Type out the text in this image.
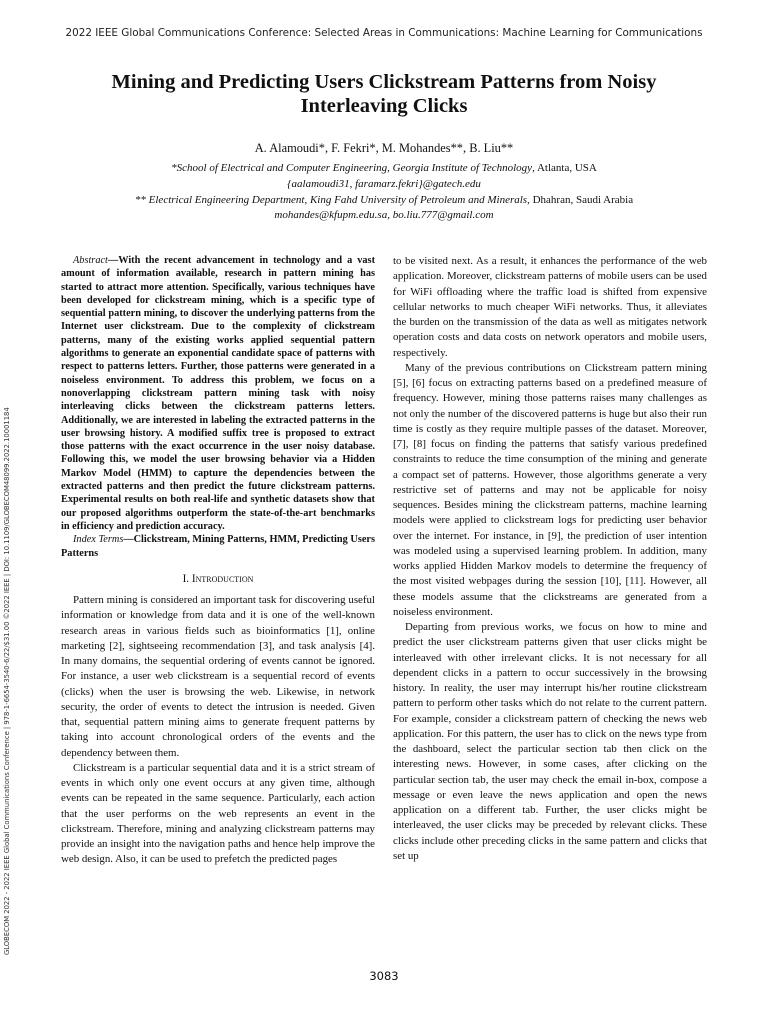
2022 IEEE Global Communications Conference: Selected Areas in Communications: Machine Learning for Communications
Mining and Predicting Users Clickstream Patterns from Noisy Interleaving Clicks
A. Alamoudi*, F. Fekri*, M. Mohandes**, B. Liu**
*School of Electrical and Computer Engineering, Georgia Institute of Technology, Atlanta, USA
{aalamoudi31, faramarz.fekri}@gatech.edu
** Electrical Engineering Department, King Fahd University of Petroleum and Minerals, Dhahran, Saudi Arabia
mohandes@kfupm.edu.sa, bo.liu.777@gmail.com
GLOBECOM 2022 - 2022 IEEE Global Communications Conference | 978-1-6654-3540-6/22/$31.00 ©2022 IEEE | DOI: 10.1109/GLOBECOM48099.2022.10001184

Abstract—With the recent advancement in technology and a vast amount of information available, research in pattern mining has started to attract more attention. Specifically, various techniques have been developed for clickstream mining, which is a specific type of sequential pattern mining, to discover the underlying patterns from the Internet user clickstream. Due to the complexity of clickstream patterns, many of the existing works applied sequential pattern algorithms to generate an exponential candidate space of patterns with respect to patterns letters. Further, those patterns were generated in a noiseless environment. To address this problem, we focus on a nonoverlapping clickstream pattern mining task with noisy interleaving clicks between the clickstream patterns letters. Additionally, we are interested in labeling the extracted patterns in the user browsing history. A modified suffix tree is proposed to extract those patterns with the exact occurrence in the user noisy database. Following this, we model the user browsing behavior via a Hidden Markov Model (HMM) to capture the dependencies between the extracted patterns and then predict the future clickstream patterns. Experimental results on both real-life and synthetic datasets show that our proposed algorithms outperform the state-of-the-art benchmarks in efficiency and prediction accuracy.

Index Terms—Clickstream, Mining Patterns, HMM, Predicting Users Patterns

I. Introduction

Pattern mining is considered an important task for discovering useful information or knowledge from data and it is one of the well-known research areas in various fields such as bioinformatics [1], online marketing [2], sightseeing recommendation [3], and task analysis [4]. In many domains, the sequential ordering of events cannot be ignored. For instance, a user web clickstream is a sequential record of events (clicks) when the user is browsing the web. Likewise, in network security, the order of events to detect the intrusion is needed. Given that, sequential pattern mining aims to generate frequent patterns by taking into account chronological orders of the events and the dependency between them.

Clickstream is a particular sequential data and it is a strict stream of events in which only one event occurs at any given time, although events can be repeated in the same sequence. Particularly, each action that the user performs on the web represents an event in the clickstream. Therefore, mining and analyzing clickstream patterns may provide an insight into the navigation paths and hence help improve the web design. Also, it can be used to prefetch the predicted pages

to be visited next. As a result, it enhances the performance of the web application. Moreover, clickstream patterns of mobile users can be used for WiFi offloading where the traffic load is shifted from expensive cellular networks to much cheaper WiFi networks. Thus, it alleviates the burden on the transmission of the data as well as mitigates network operation costs and data costs on network operators and mobile users, respectively.

Many of the previous contributions on Clickstream pattern mining [5], [6] focus on extracting patterns based on a predefined measure of frequency. However, mining those patterns raises many challenges as not only the number of the discovered patterns is huge but also their run time is costly as they require multiple passes of the dataset. Moreover, [7], [8] focus on finding the patterns that satisfy various predefined constraints to reduce the time consumption of the mining and generate a compact set of patterns. However, those algorithms generate a very restrictive set of patterns and may not be applicable for noisy sequences. Besides mining the clickstream patterns, machine learning models were applied to clickstream logs for predicting user behavior over the internet. For instance, in [9], the prediction of user intention was modeled using a supervised learning problem. In addition, many works applied Hidden Markov models to determine the frequency of the most visited webpages during the session [10], [11]. However, all these models assume that the clickstreams are generated from a noiseless environment.

Departing from previous works, we focus on how to mine and predict the user clickstream patterns given that user clicks might be interleaved with other irrelevant clicks. It is not necessary for all dependent clicks in a pattern to occur successively in the browsing history. In reality, the user may interrupt his/her routine clickstream pattern to perform other tasks which do not relate to the current pattern. For example, consider a clickstream pattern of checking the news web application. For this pattern, the user has to click on the news type from the dashboard, select the particular section tab then click on the interesting news. However, in some cases, after clicking on the particular section tab, the user may check the email in-box, compose a message or even leave the news application and open the news application on a different tab. Further, the user clicks might be interleaved, the user clicks may be preceded by relevant clicks. These clicks include other preceding clicks in the same pattern and clicks that set up

3083
